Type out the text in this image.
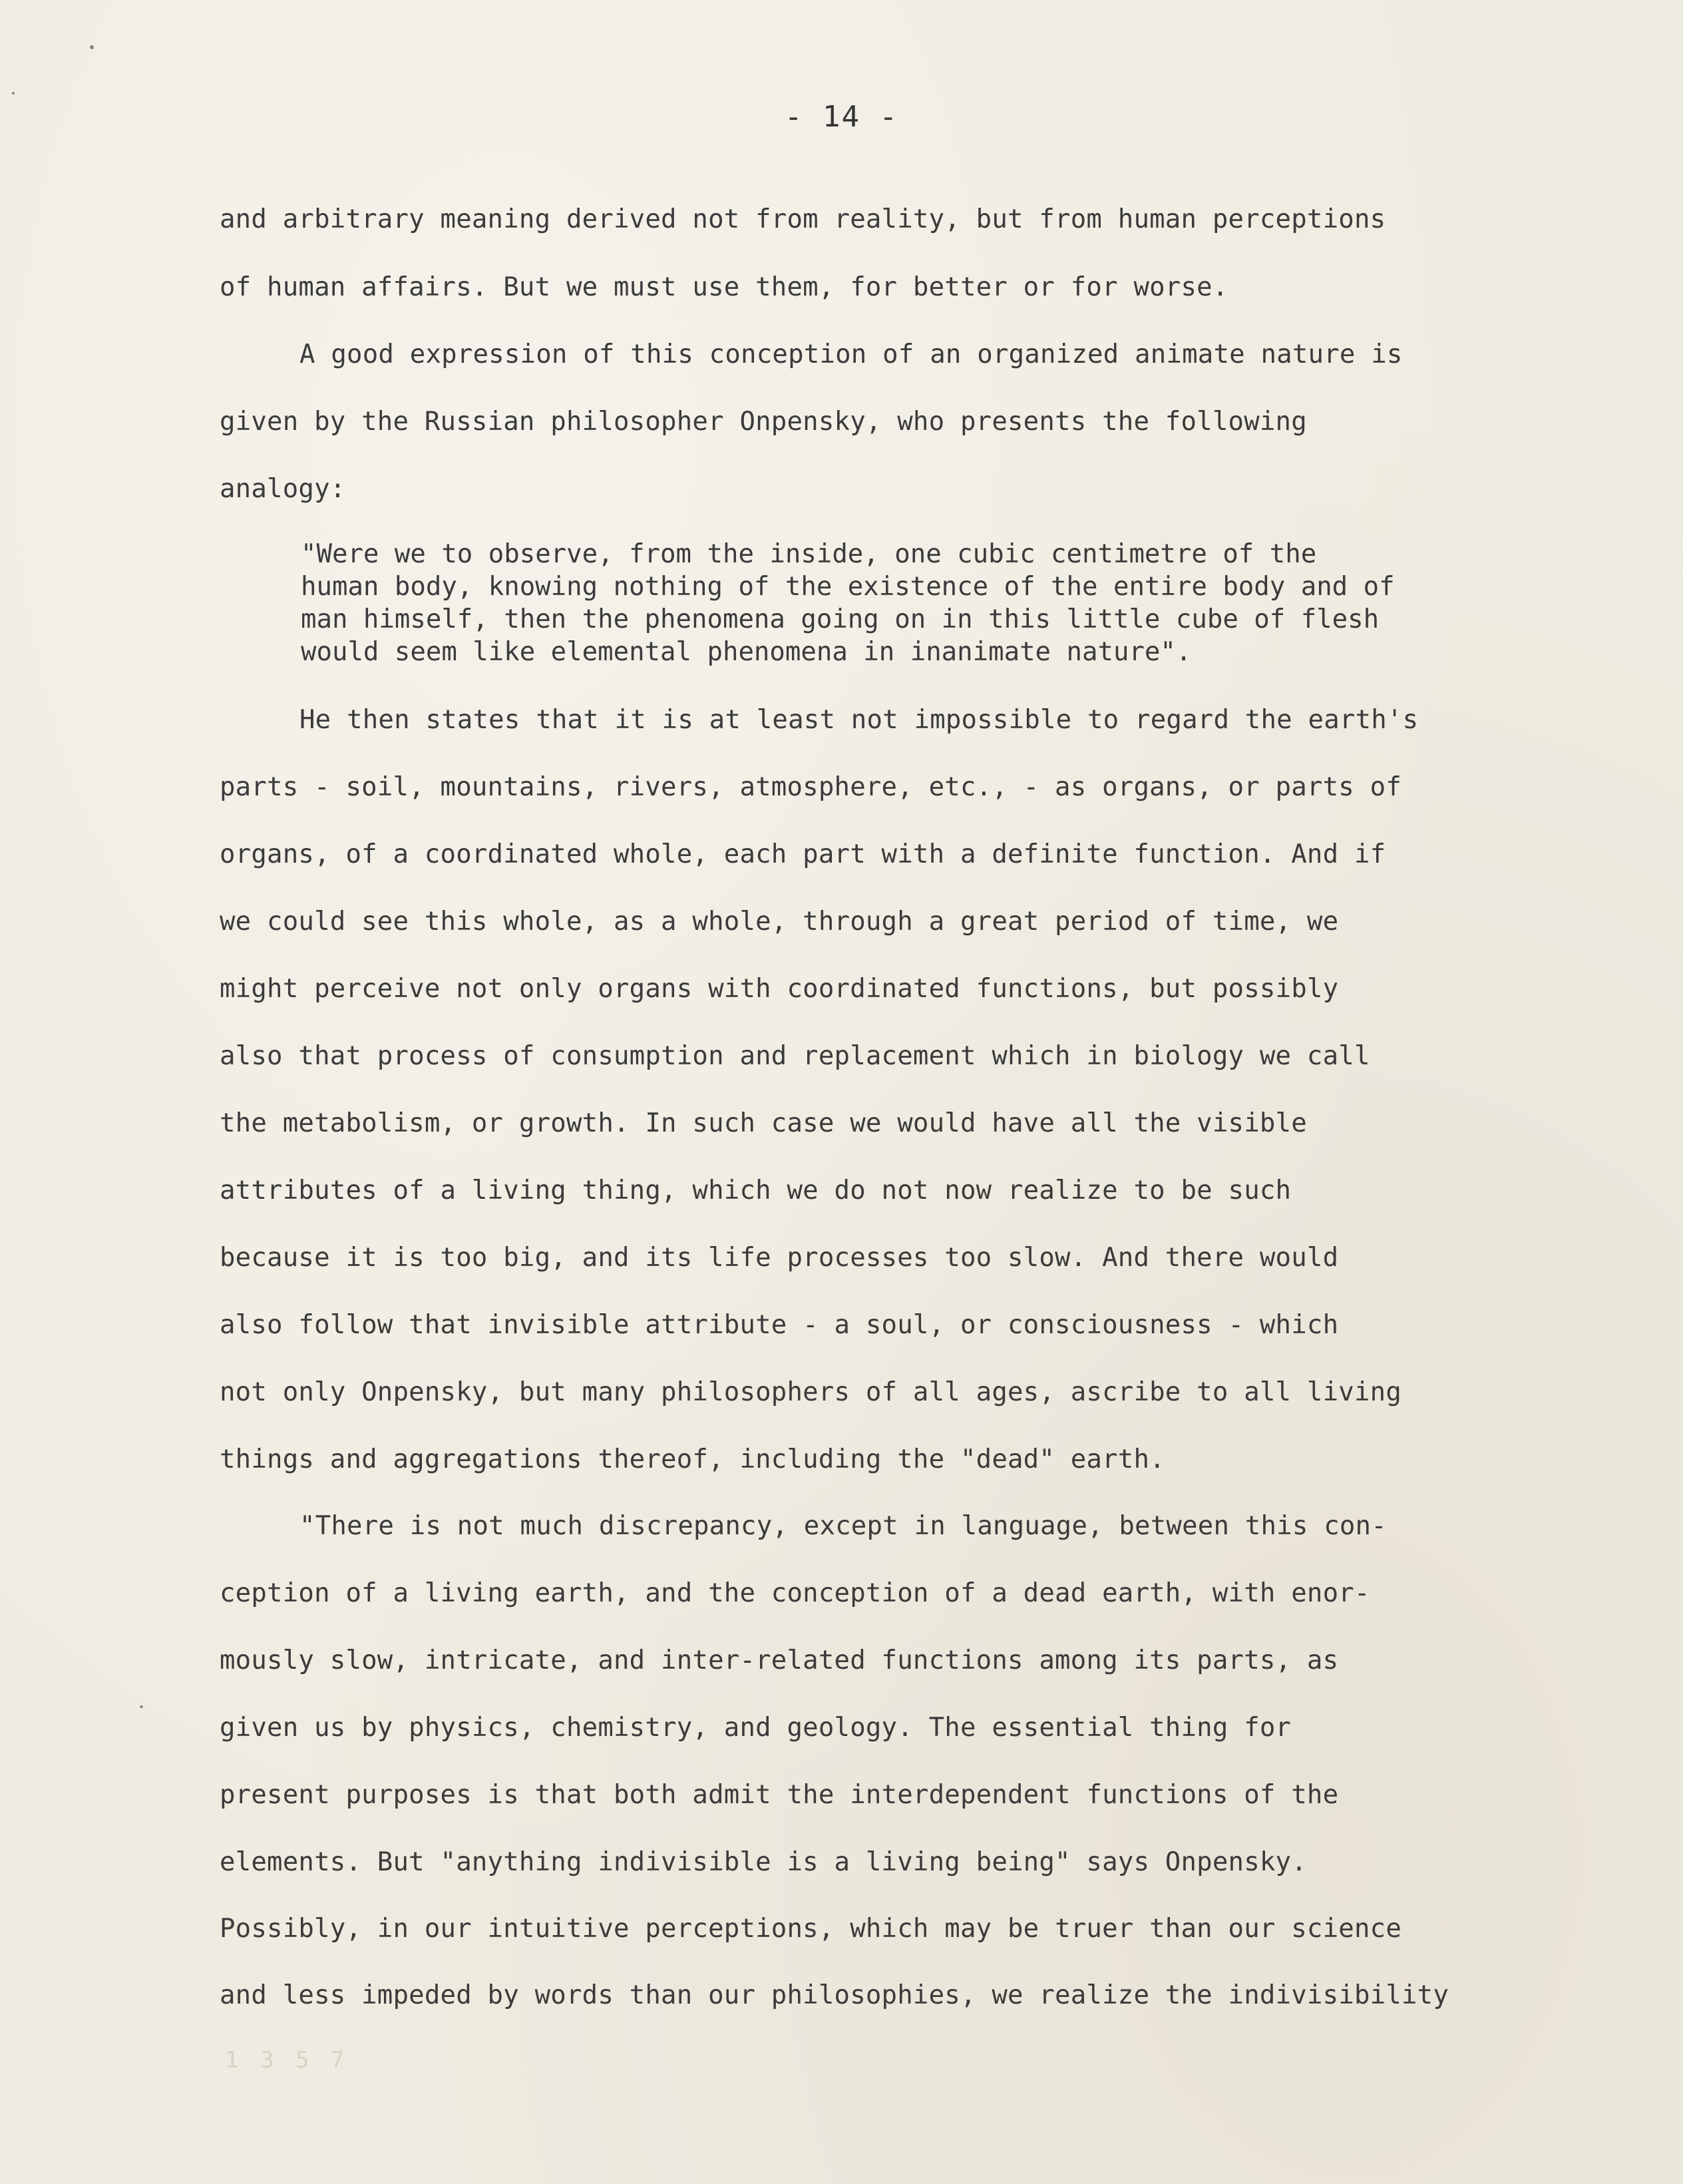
- 14 -
and arbitrary meaning derived not from reality, but from human perceptions
of human affairs. But we must use them, for better or for worse.
A good expression of this conception of an organized animate nature is
given by the Russian philosopher Onpensky, who presents the following
analogy:
"Were we to observe, from the inside, one cubic centimetre of the
human body, knowing nothing of the existence of the entire body and of
man himself, then the phenomena going on in this little cube of flesh
would seem like elemental phenomena in inanimate nature".
He then states that it is at least not impossible to regard the earth's
parts - soil, mountains, rivers, atmosphere, etc., - as organs, or parts of
organs, of a coordinated whole, each part with a definite function. And if
we could see this whole, as a whole, through a great period of time, we
might perceive not only organs with coordinated functions, but possibly
also that process of consumption and replacement which in biology we call
the metabolism, or growth. In such case we would have all the visible
attributes of a living thing, which we do not now realize to be such
because it is too big, and its life processes too slow. And there would
also follow that invisible attribute - a soul, or consciousness - which
not only Onpensky, but many philosophers of all ages, ascribe to all living
things and aggregations thereof, including the "dead" earth.
"There is not much discrepancy, except in language, between this con-
ception of a living earth, and the conception of a dead earth, with enor-
mously slow, intricate, and inter-related functions among its parts, as
given us by physics, chemistry, and geology. The essential thing for
present purposes is that both admit the interdependent functions of the
elements. But "anything indivisible is a living being" says Onpensky.
Possibly, in our intuitive perceptions, which may be truer than our science
and less impeded by words than our philosophies, we realize the indivisibility
1 3 5 7
